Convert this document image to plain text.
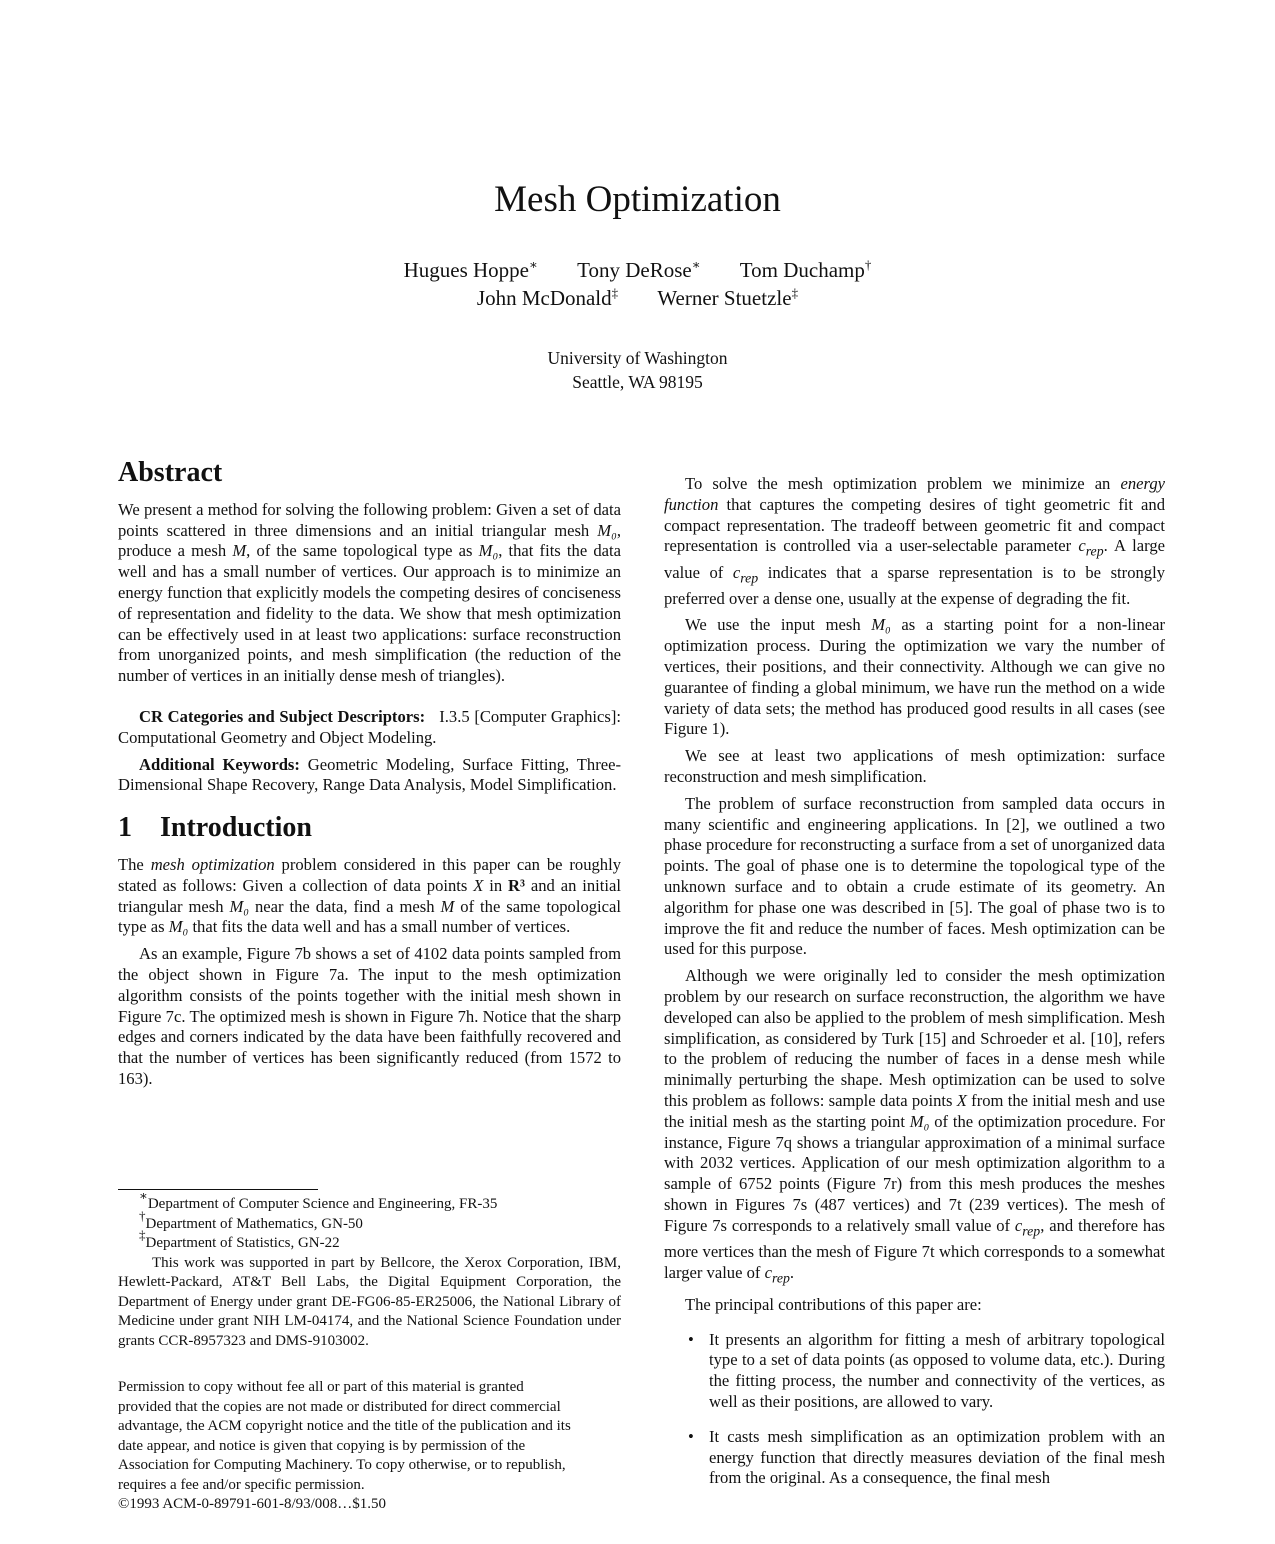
Mesh Optimization
Hugues Hoppe∗ Tony DeRose∗ Tom Duchamp†
John McDonald‡ Werner Stuetzle‡
University of Washington
Seattle, WA 98195
Abstract

We present a method for solving the following problem: Given a set of data points scattered in three dimensions and an initial triangular mesh M₀, produce a mesh M, of the same topological type as M₀, that fits the data well and has a small number of vertices. Our approach is to minimize an energy function that explicitly models the competing desires of conciseness of representation and fidelity to the data. We show that mesh optimization can be effectively used in at least two applications: surface reconstruction from unorganized points, and mesh simplification (the reduction of the number of vertices in an initially dense mesh of triangles).

CR Categories and Subject Descriptors: I.3.5 [Computer Graphics]: Computational Geometry and Object Modeling.

Additional Keywords: Geometric Modeling, Surface Fitting, Three-Dimensional Shape Recovery, Range Data Analysis, Model Simplification.

1 Introduction

The mesh optimization problem considered in this paper can be roughly stated as follows: Given a collection of data points X in R³ and an initial triangular mesh M₀ near the data, find a mesh M of the same topological type as M₀ that fits the data well and has a small number of vertices.

As an example, Figure 7b shows a set of 4102 data points sampled from the object shown in Figure 7a. The input to the mesh optimization algorithm consists of the points together with the initial mesh shown in Figure 7c. The optimized mesh is shown in Figure 7h. Notice that the sharp edges and corners indicated by the data have been faithfully recovered and that the number of vertices has been significantly reduced (from 1572 to 163).

∗Department of Computer Science and Engineering, FR-35
†Department of Mathematics, GN-50
‡Department of Statistics, GN-22
This work was supported in part by Bellcore, the Xerox Corporation, IBM, Hewlett-Packard, AT&T Bell Labs, the Digital Equipment Corporation, the Department of Energy under grant DE-FG06-85-ER25006, the National Library of Medicine under grant NIH LM-04174, and the National Science Foundation under grants CCR-8957323 and DMS-9103002.
Permission to copy without fee all or part of this material is granted provided that the copies are not made or distributed for direct commercial advantage, the ACM copyright notice and the title of the publication and its date appear, and notice is given that copying is by permission of the Association for Computing Machinery. To copy otherwise, or to republish, requires a fee and/or specific permission.
©1993 ACM-0-89791-601-8/93/008…$1.50

To solve the mesh optimization problem we minimize an energy function that captures the competing desires of tight geometric fit and compact representation. The tradeoff between geometric fit and compact representation is controlled via a user-selectable parameter $c_{rep}$. A large value of $c_{rep}$ indicates that a sparse representation is to be strongly preferred over a dense one, usually at the expense of degrading the fit.

We use the input mesh M₀ as a starting point for a non-linear optimization process. During the optimization we vary the number of vertices, their positions, and their connectivity. Although we can give no guarantee of finding a global minimum, we have run the method on a wide variety of data sets; the method has produced good results in all cases (see Figure 1).

We see at least two applications of mesh optimization: surface reconstruction and mesh simplification.

The problem of surface reconstruction from sampled data occurs in many scientific and engineering applications. In [2], we outlined a two phase procedure for reconstructing a surface from a set of unorganized data points. The goal of phase one is to determine the topological type of the unknown surface and to obtain a crude estimate of its geometry. An algorithm for phase one was described in [5]. The goal of phase two is to improve the fit and reduce the number of faces. Mesh optimization can be used for this purpose.

Although we were originally led to consider the mesh optimization problem by our research on surface reconstruction, the algorithm we have developed can also be applied to the problem of mesh simplification. Mesh simplification, as considered by Turk [15] and Schroeder et al. [10], refers to the problem of reducing the number of faces in a dense mesh while minimally perturbing the shape. Mesh optimization can be used to solve this problem as follows: sample data points X from the initial mesh and use the initial mesh as the starting point M₀ of the optimization procedure. For instance, Figure 7q shows a triangular approximation of a minimal surface with 2032 vertices. Application of our mesh optimization algorithm to a sample of 6752 points (Figure 7r) from this mesh produces the meshes shown in Figures 7s (487 vertices) and 7t (239 vertices). The mesh of Figure 7s corresponds to a relatively small value of $c_{rep}$, and therefore has more vertices than the mesh of Figure 7t which corresponds to a somewhat larger value of $c_{rep}$.

The principal contributions of this paper are:

• It presents an algorithm for fitting a mesh of arbitrary topological type to a set of data points (as opposed to volume data, etc.). During the fitting process, the number and connectivity of the vertices, as well as their positions, are allowed to vary.
• It casts mesh simplification as an optimization problem with an energy function that directly measures deviation of the final mesh from the original. As a consequence, the final mesh
